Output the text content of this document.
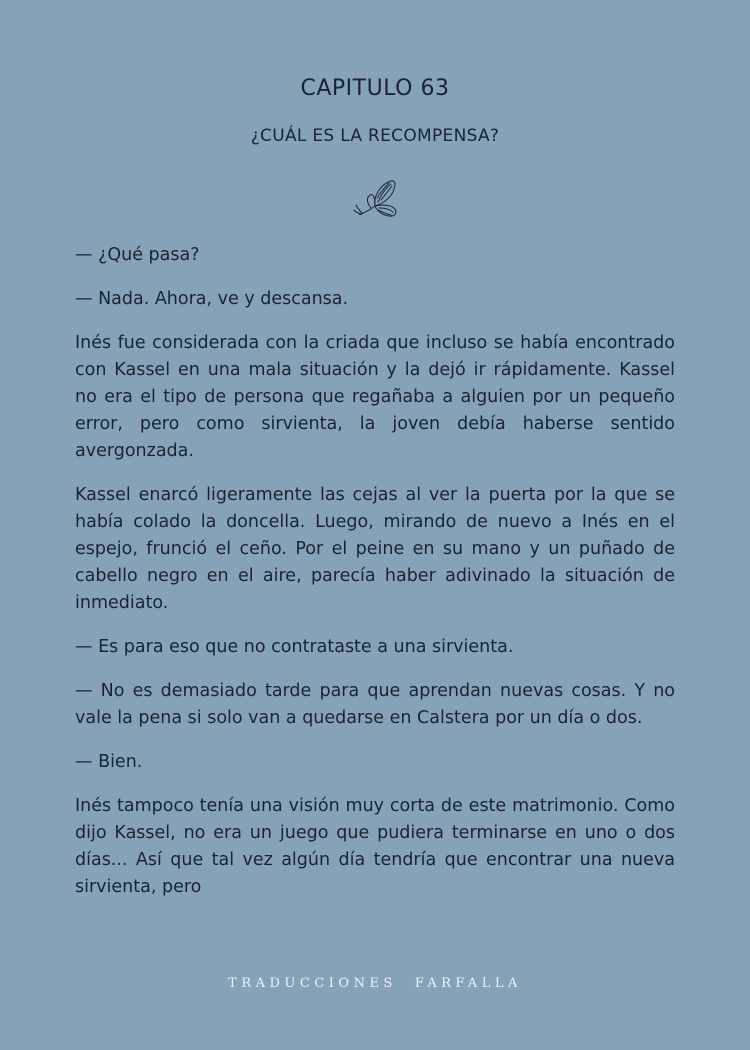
CAPITULO 63
¿CUÁL ES LA RECOMPENSA?

— ¿Qué pasa?

— Nada. Ahora, ve y descansa.

Inés fue considerada con la criada que incluso se había encontrado con Kassel en una mala situación y la dejó ir rápidamente. Kassel no era el tipo de persona que regañaba a alguien por un pequeño error, pero como sirvienta, la joven debía haberse sentido avergonzada.

Kassel enarcó ligeramente las cejas al ver la puerta por la que se había colado la doncella. Luego, mirando de nuevo a Inés en el espejo, frunció el ceño. Por el peine en su mano y un puñado de cabello negro en el aire, parecía haber adivinado la situación de inmediato.

— Es para eso que no contrataste a una sirvienta.

— No es demasiado tarde para que aprendan nuevas cosas. Y no vale la pena si solo van a quedarse en Calstera por un día o dos.

— Bien.

Inés tampoco tenía una visión muy corta de este matrimonio. Como dijo Kassel, no era un juego que pudiera terminarse en uno o dos días... Así que tal vez algún día tendría que encontrar una nueva sirvienta, pero

TRADUCCIONES FARFALLA
